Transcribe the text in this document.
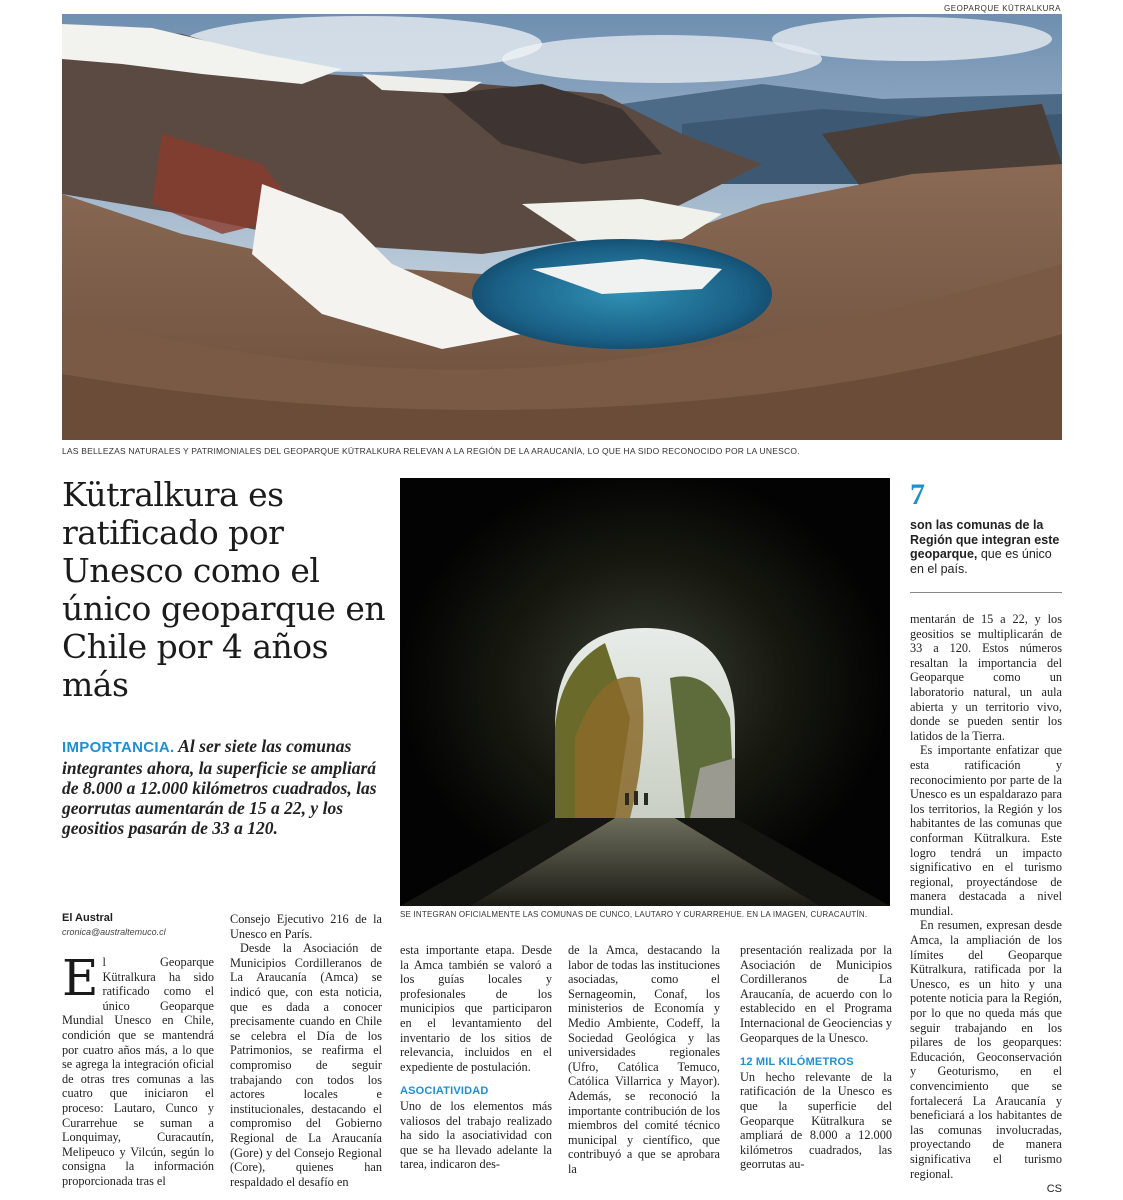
GEOPARQUE KÜTRALKURA
LAS BELLEZAS NATURALES Y PATRIMONIALES DEL GEOPARQUE KÜTRALKURA RELEVAN A LA REGIÓN DE LA ARAUCANÍA, LO QUE HA SIDO RECONOCIDO POR LA UNESCO.
Kütralkura es ratificado por Unesco como el único geoparque en Chile por 4 años más
IMPORTANCIA. Al ser siete las comunas integrantes ahora, la superficie se ampliará de 8.000 a 12.000 kilómetros cuadrados, las georrutas aumentarán de 15 a 22, y los geositios pasarán de 33 a 120.
SE INTEGRAN OFICIALMENTE LAS COMUNAS DE CUNCO, LAUTARO Y CURARREHUE. EN LA IMAGEN, CURACAUTÍN.
7
son las comunas de la Región que integran este geoparque, que es único en el país.

mentarán de 15 a 22, y los geositios se multiplicarán de 33 a 120. Estos números resaltan la importancia del Geoparque como un laboratorio natural, un aula abierta y un territorio vivo, donde se pueden sentir los latidos de la Tierra.

Es importante enfatizar que esta ratificación y reconocimiento por parte de la Unesco es un espaldarazo para los territorios, la Región y los habitantes de las comunas que conforman Kütralkura. Este logro tendrá un impacto significativo en el turismo regional, proyectándose de manera destacada a nivel mundial.

En resumen, expresan desde Amca, la ampliación de los límites del Geoparque Kütralkura, ratificada por la Unesco, es un hito y una potente noticia para la Región, por lo que no queda más que seguir trabajando en los pilares de los geoparques: Educación, Geoconservación y Geoturismo, en el convencimiento que se fortalecerá La Araucanía y beneficiará a los habitantes de las comunas involucradas, proyectando de manera significativa el turismo regional.

CS

El Austral
cronica@australtemuco.cl

El Geoparque Kütralkura ha sido ratificado como el único Geoparque Mundial Unesco en Chile, condición que se mantendrá por cuatro años más, a lo que se agrega la integración oficial de otras tres comunas a las cuatro que iniciaron el proceso: Lautaro, Cunco y Curarrehue se suman a Lonquimay, Curacautín, Melipeuco y Vilcún, según lo consigna la información proporcionada tras el

Consejo Ejecutivo 216 de la Unesco en París.

Desde la Asociación de Municipios Cordilleranos de La Araucanía (Amca) se indicó que, con esta noticia, que es dada a conocer precisamente cuando en Chile se celebra el Día de los Patrimonios, se reafirma el compromiso de seguir trabajando con todos los actores locales e institucionales, destacando el compromiso del Gobierno Regional de La Araucanía (Gore) y del Consejo Regional (Core), quienes han respaldado el desafío en

esta importante etapa. Desde la Amca también se valoró a los guías locales y profesionales de los municipios que participaron en el levantamiento del inventario de los sitios de relevancia, incluidos en el expediente de postulación.

ASOCIATIVIDAD

Uno de los elementos más valiosos del trabajo realizado ha sido la asociatividad con que se ha llevado adelante la tarea, indicaron des-

de la Amca, destacando la labor de todas las instituciones asociadas, como el Sernageomin, Conaf, los ministerios de Economía y Medio Ambiente, Codeff, la Sociedad Geológica y las universidades regionales (Ufro, Católica Temuco, Católica Villarrica y Mayor). Además, se reconoció la importante contribución de los miembros del comité técnico municipal y científico, que contribuyó a que se aprobara la

presentación realizada por la Asociación de Municipios Cordilleranos de La Araucanía, de acuerdo con lo establecido en el Programa Internacional de Geociencias y Geoparques de la Unesco.

12 MIL KILÓMETROS

Un hecho relevante de la ratificación de la Unesco es que la superficie del Geoparque Kütralkura se ampliará de 8.000 a 12.000 kilómetros cuadrados, las georrutas au-
